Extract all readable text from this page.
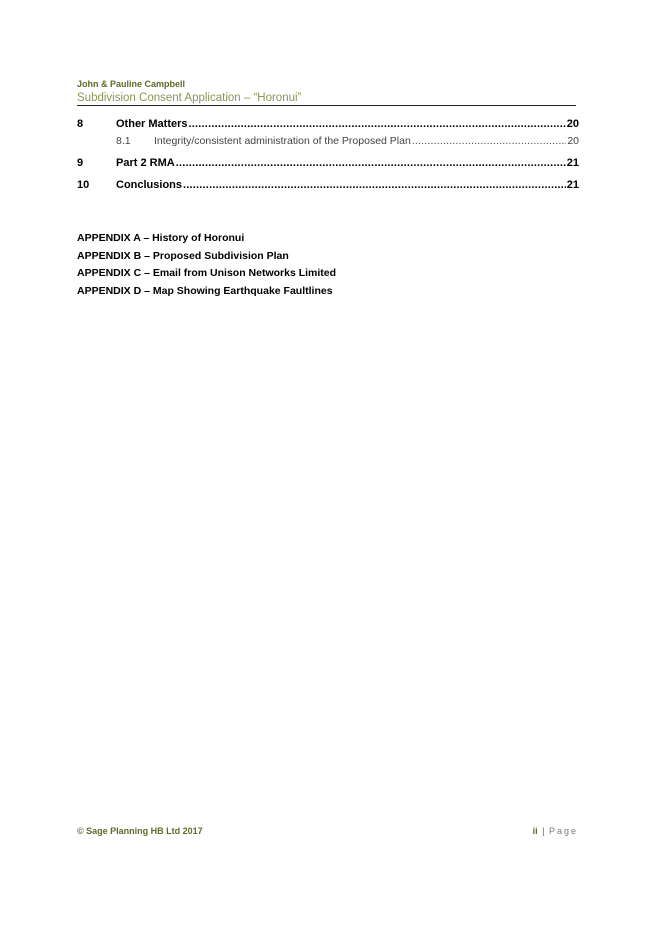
John & Pauline Campbell
Subdivision Consent Application – “Horonui”
8	Other Matters .....	20
8.1	Integrity/consistent administration of the Proposed Plan .....	20
9	Part 2 RMA .....	21
10	Conclusions .....	21
APPENDIX A – History of Horonui
APPENDIX B – Proposed Subdivision Plan
APPENDIX C – Email from Unison Networks Limited
APPENDIX D – Map Showing Earthquake Faultlines
© Sage Planning HB Ltd 2017	ii | Page
